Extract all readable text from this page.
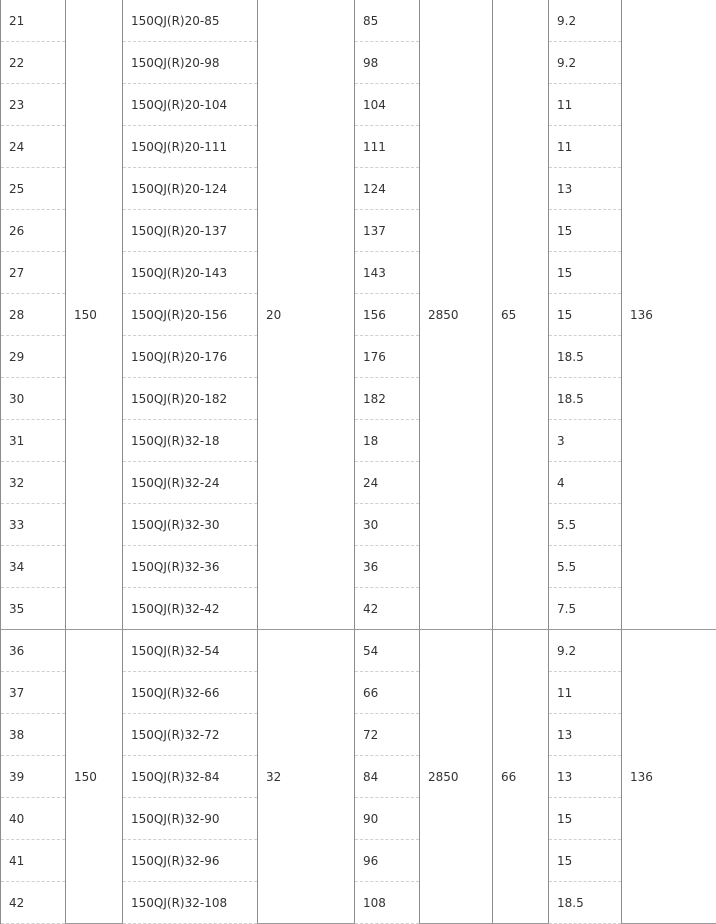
21	150	150QJ(R)20-85	20	85	2850	65	9.2	136
22		150QJ(R)20-98		98			9.2	
23		150QJ(R)20-104		104			11	
24		150QJ(R)20-111		111			11	
25		150QJ(R)20-124		124			13	
26		150QJ(R)20-137		137			15	
27		150QJ(R)20-143		143			15	
28		150QJ(R)20-156		156			15	
29		150QJ(R)20-176		176			18.5	
30		150QJ(R)20-182		182			18.5	
31		150QJ(R)32-18		18			3	
32		150QJ(R)32-24		24			4	
33		150QJ(R)32-30		30			5.5	
34		150QJ(R)32-36		36			5.5	
35		150QJ(R)32-42		42			7.5	
36	150	150QJ(R)32-54	32	54	2850	66	9.2	136
37		150QJ(R)32-66		66			11	
38		150QJ(R)32-72		72			13	
39		150QJ(R)32-84		84			13	
40		150QJ(R)32-90		90			15	
41		150QJ(R)32-96		96			15	
42		150QJ(R)32-108		108			18.5	
